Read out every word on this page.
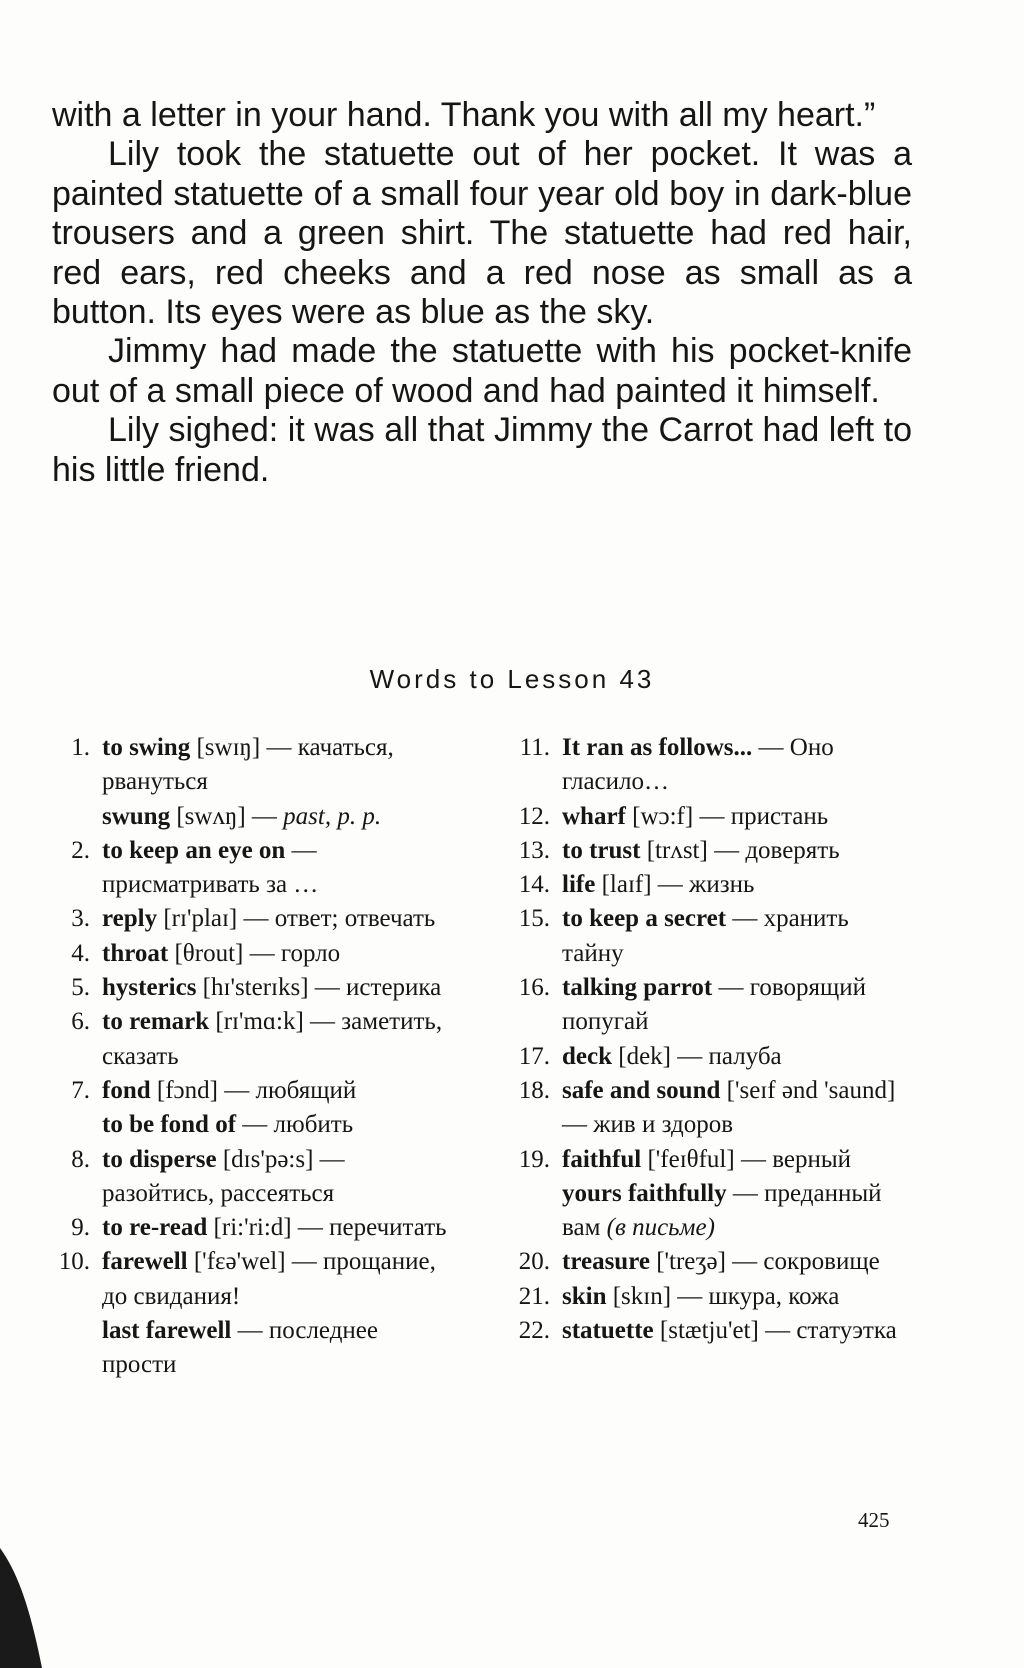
with a letter in your hand. Thank you with all my heart.”

Lily took the statuette out of her pocket. It was a painted statuette of a small four year old boy in dark-blue trousers and a green shirt. The statuette had red hair, red ears, red cheeks and a red nose as small as a button. Its eyes were as blue as the sky.

Jimmy had made the statuette with his pocket-knife out of a small piece of wood and had painted it himself.

Lily sighed: it was all that Jimmy the Carrot had left to his little friend.

Words to Lesson 43
1. to swing [swɪŋ] — качаться, рвануться
swung [swʌŋ] — past, p. p.
2. to keep an eye on — присматривать за …
3. reply [rɪ'plaɪ] — ответ; отвечать
4. throat [θrout] — горло
5. hysterics [hɪ'sterɪks] — истерика
6. to remark [rɪ'mɑ:k] — заметить, сказать
7. fond [fɔnd] — любящий
to be fond of — любить
8. to disperse [dɪs'pə:s] — разойтись, рассеяться
9. to re-read [ri:'ri:d] — перечитать
10. farewell ['fɛə'wel] — прощание, до свидания!
last farewell — последнее прости
11. It ran as follows... — Оно гласило…
12. wharf [wɔ:f] — пристань
13. to trust [trʌst] — доверять
14. life [laɪf] — жизнь
15. to keep a secret — хранить тайну
16. talking parrot — говорящий попугай
17. deck [dek] — палуба
18. safe and sound ['seɪf ənd 'saund] — жив и здоров
19. faithful ['feɪθful] — верный
yours faithfully — преданный вам (в письме)
20. treasure ['treʒə] — сокровище
21. skin [skɪn] — шкура, кожа
22. statuette [stætju'et] — статуэтка
425
